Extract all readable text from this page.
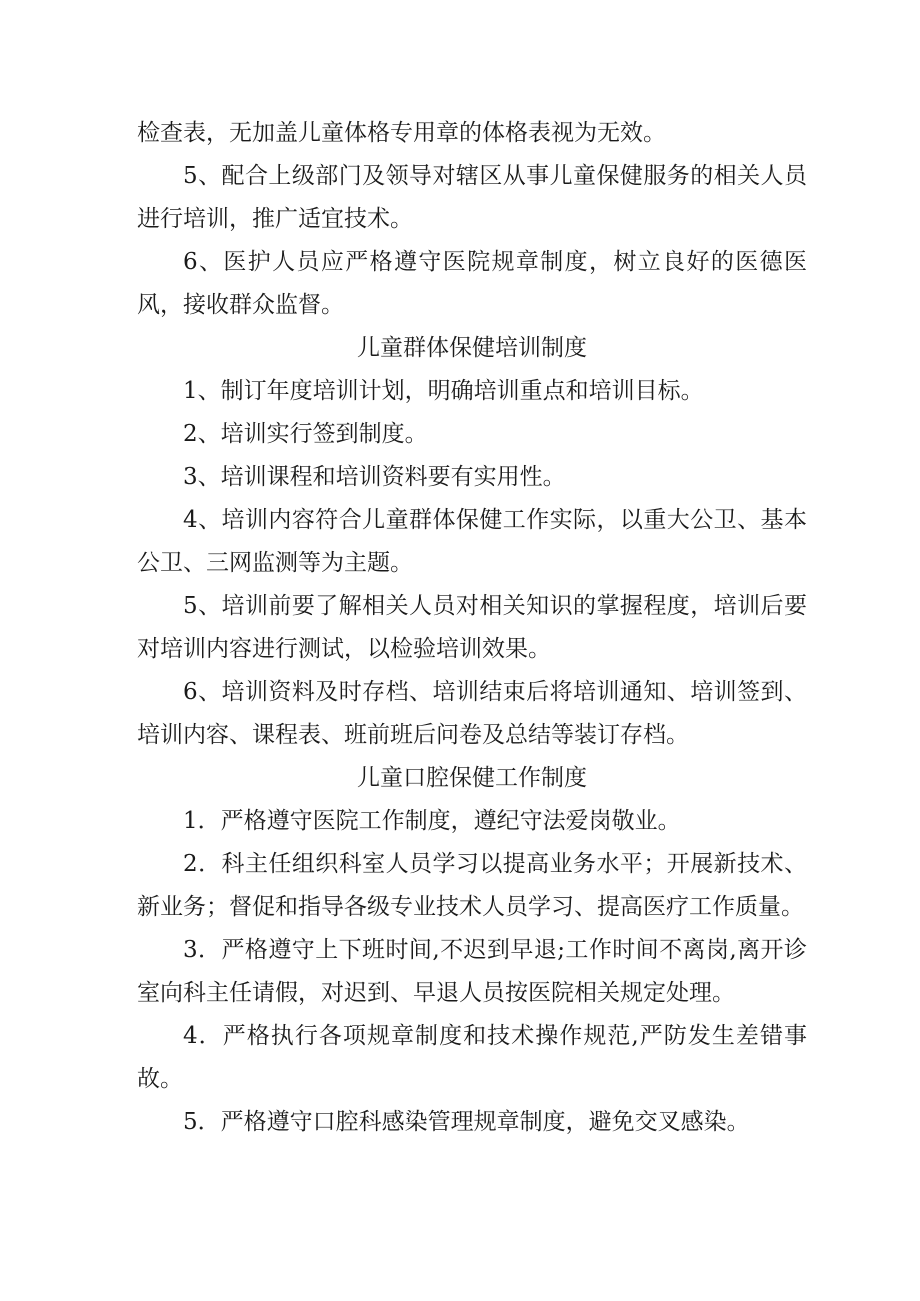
检查表，无加盖儿童体格专用章的体格表视为无效。

5、配合上级部门及领导对辖区从事儿童保健服务的相关人员进行培训，推广适宜技术。

6、医护人员应严格遵守医院规章制度，树立良好的医德医风，接收群众监督。

儿童群体保健培训制度

1、制订年度培训计划，明确培训重点和培训目标。

2、培训实行签到制度。

3、培训课程和培训资料要有实用性。

4、培训内容符合儿童群体保健工作实际，以重大公卫、基本公卫、三网监测等为主题。

5、培训前要了解相关人员对相关知识的掌握程度，培训后要对培训内容进行测试，以检验培训效果。

6、培训资料及时存档、培训结束后将培训通知、培训签到、培训内容、课程表、班前班后问卷及总结等装订存档。

儿童口腔保健工作制度

1．严格遵守医院工作制度，遵纪守法爱岗敬业。

2．科主任组织科室人员学习以提高业务水平；开展新技术、新业务；督促和指导各级专业技术人员学习、提高医疗工作质量。

3．严格遵守上下班时间,不迟到早退;工作时间不离岗,离开诊室向科主任请假，对迟到、早退人员按医院相关规定处理。

4．严格执行各项规章制度和技术操作规范,严防发生差错事故。

5．严格遵守口腔科感染管理规章制度，避免交叉感染。
